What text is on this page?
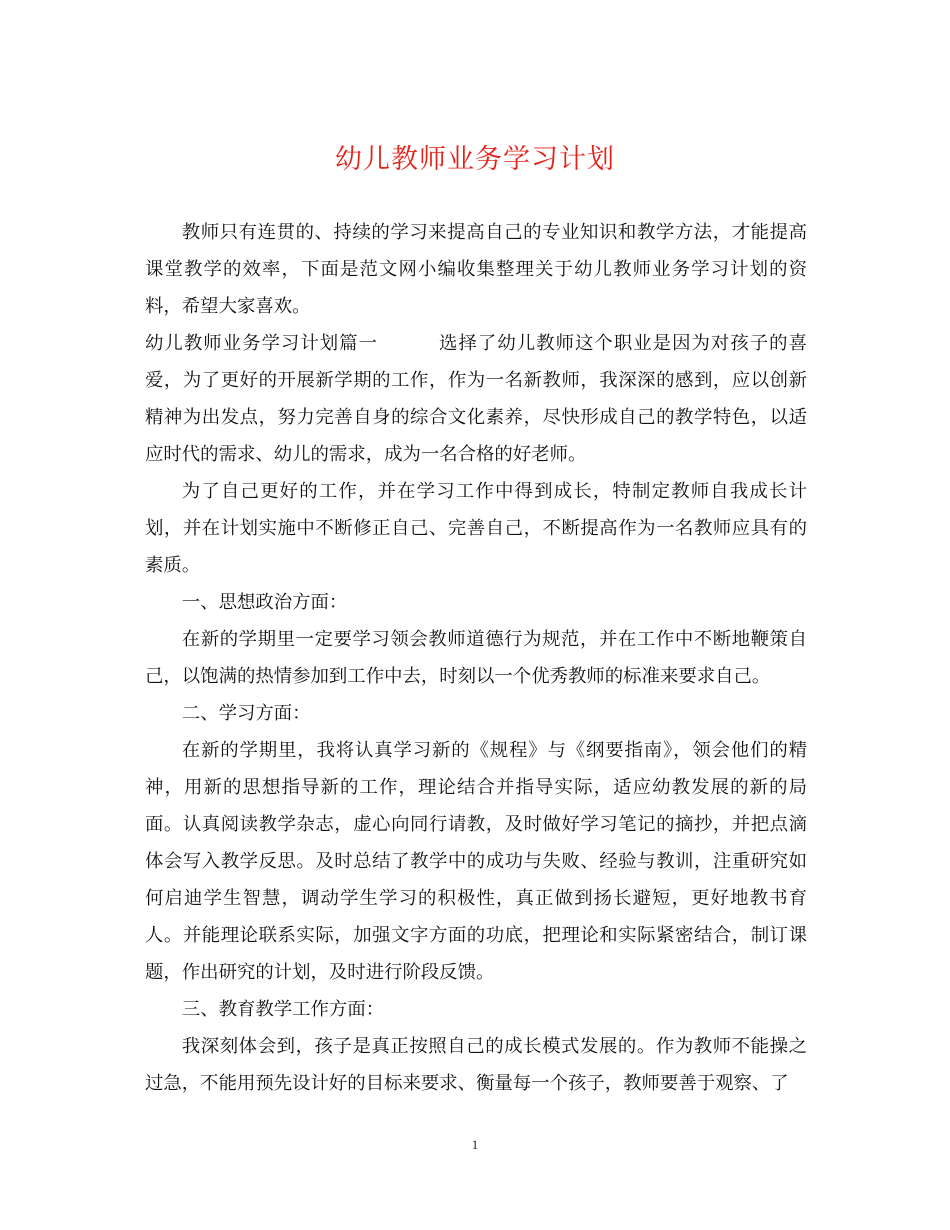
幼儿教师业务学习计划

教师只有连贯的、持续的学习来提高自己的专业知识和教学方法，才能提高课堂教学的效率，下面是范文网小编收集整理关于幼儿教师业务学习计划的资料，希望大家喜欢。

幼儿教师业务学习计划篇一	选择了幼儿教师这个职业是因为对孩子的喜爱，为了更好的开展新学期的工作，作为一名新教师，我深深的感到，应以创新精神为出发点，努力完善自身的综合文化素养，尽快形成自己的教学特色，以适应时代的需求、幼儿的需求，成为一名合格的好老师。

为了自己更好的工作，并在学习工作中得到成长，特制定教师自我成长计划，并在计划实施中不断修正自己、完善自己，不断提高作为一名教师应具有的素质。

一、思想政治方面：

在新的学期里一定要学习领会教师道德行为规范，并在工作中不断地鞭策自己，以饱满的热情参加到工作中去，时刻以一个优秀教师的标准来要求自己。

二、学习方面：

在新的学期里，我将认真学习新的《规程》与《纲要指南》，领会他们的精神，用新的思想指导新的工作，理论结合并指导实际，适应幼教发展的新的局面。认真阅读教学杂志，虚心向同行请教，及时做好学习笔记的摘抄，并把点滴体会写入教学反思。及时总结了教学中的成功与失败、经验与教训，注重研究如何启迪学生智慧，调动学生学习的积极性，真正做到扬长避短，更好地教书育人。并能理论联系实际，加强文字方面的功底，把理论和实际紧密结合，制订课题，作出研究的计划，及时进行阶段反馈。

三、教育教学工作方面：

我深刻体会到，孩子是真正按照自己的成长模式发展的。作为教师不能操之过急，不能用预先设计好的目标来要求、衡量每一个孩子，教师要善于观察、了

1
